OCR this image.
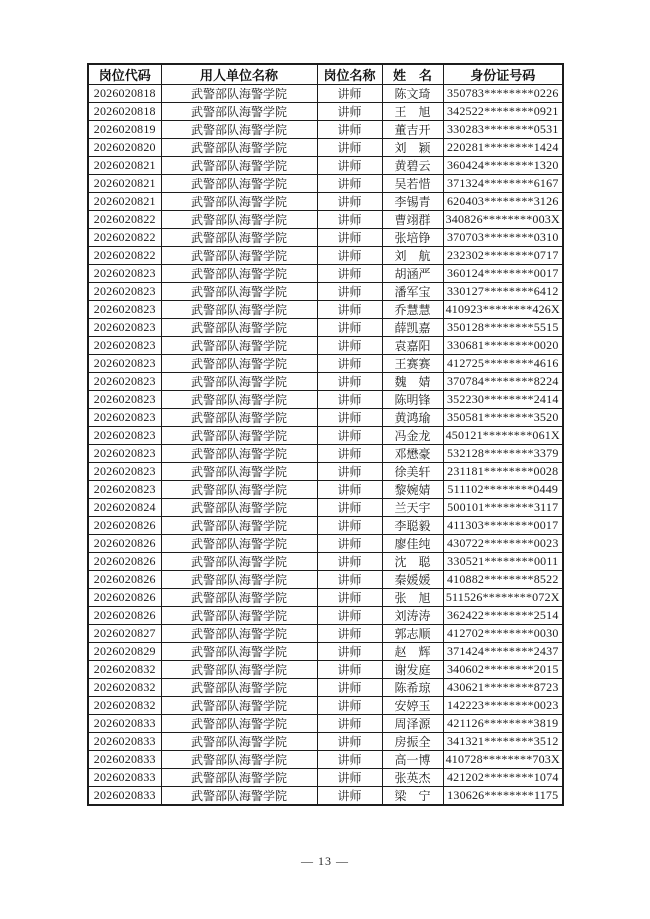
岗位代码	用人单位名称	岗位名称	姓　名	身份证号码
2026020818	武警部队海警学院	讲师	陈文琦	350783********0226
2026020818	武警部队海警学院	讲师	王　旭	342522********0921
2026020819	武警部队海警学院	讲师	董吉开	330283********0531
2026020820	武警部队海警学院	讲师	刘　颖	220281********1424
2026020821	武警部队海警学院	讲师	黄碧云	360424********1320
2026020821	武警部队海警学院	讲师	吴若惜	371324********6167
2026020821	武警部队海警学院	讲师	李锡青	620403********3126
2026020822	武警部队海警学院	讲师	曹翊群	340826********003X
2026020822	武警部队海警学院	讲师	张培铮	370703********0310
2026020822	武警部队海警学院	讲师	刘　航	232302********0717
2026020823	武警部队海警学院	讲师	胡涵严	360124********0017
2026020823	武警部队海警学院	讲师	潘军宝	330127********6412
2026020823	武警部队海警学院	讲师	乔慧慧	410923********426X
2026020823	武警部队海警学院	讲师	薛凯嘉	350128********5515
2026020823	武警部队海警学院	讲师	袁嘉阳	330681********0020
2026020823	武警部队海警学院	讲师	王赛赛	412725********4616
2026020823	武警部队海警学院	讲师	魏　婧	370784********8224
2026020823	武警部队海警学院	讲师	陈明锋	352230********2414
2026020823	武警部队海警学院	讲师	黄鸿瑜	350581********3520
2026020823	武警部队海警学院	讲师	冯金龙	450121********061X
2026020823	武警部队海警学院	讲师	邓懋豪	532128********3379
2026020823	武警部队海警学院	讲师	徐美轩	231181********0028
2026020823	武警部队海警学院	讲师	黎婉婧	511102********0449
2026020824	武警部队海警学院	讲师	兰天宇	500101********3117
2026020826	武警部队海警学院	讲师	李聪毅	411303********0017
2026020826	武警部队海警学院	讲师	廖佳纯	430722********0023
2026020826	武警部队海警学院	讲师	沈　聪	330521********0011
2026020826	武警部队海警学院	讲师	秦媛媛	410882********8522
2026020826	武警部队海警学院	讲师	张　旭	511526********072X
2026020826	武警部队海警学院	讲师	刘涛涛	362422********2514
2026020827	武警部队海警学院	讲师	郭志顺	412702********0030
2026020829	武警部队海警学院	讲师	赵　辉	371424********2437
2026020832	武警部队海警学院	讲师	谢发庭	340602********2015
2026020832	武警部队海警学院	讲师	陈希琼	430621********8723
2026020832	武警部队海警学院	讲师	安婷玉	142223********0023
2026020833	武警部队海警学院	讲师	周泽源	421126********3819
2026020833	武警部队海警学院	讲师	房振全	341321********3512
2026020833	武警部队海警学院	讲师	高一博	410728********703X
2026020833	武警部队海警学院	讲师	张英杰	421202********1074
2026020833	武警部队海警学院	讲师	梁　宁	130626********1175
— 13 —
